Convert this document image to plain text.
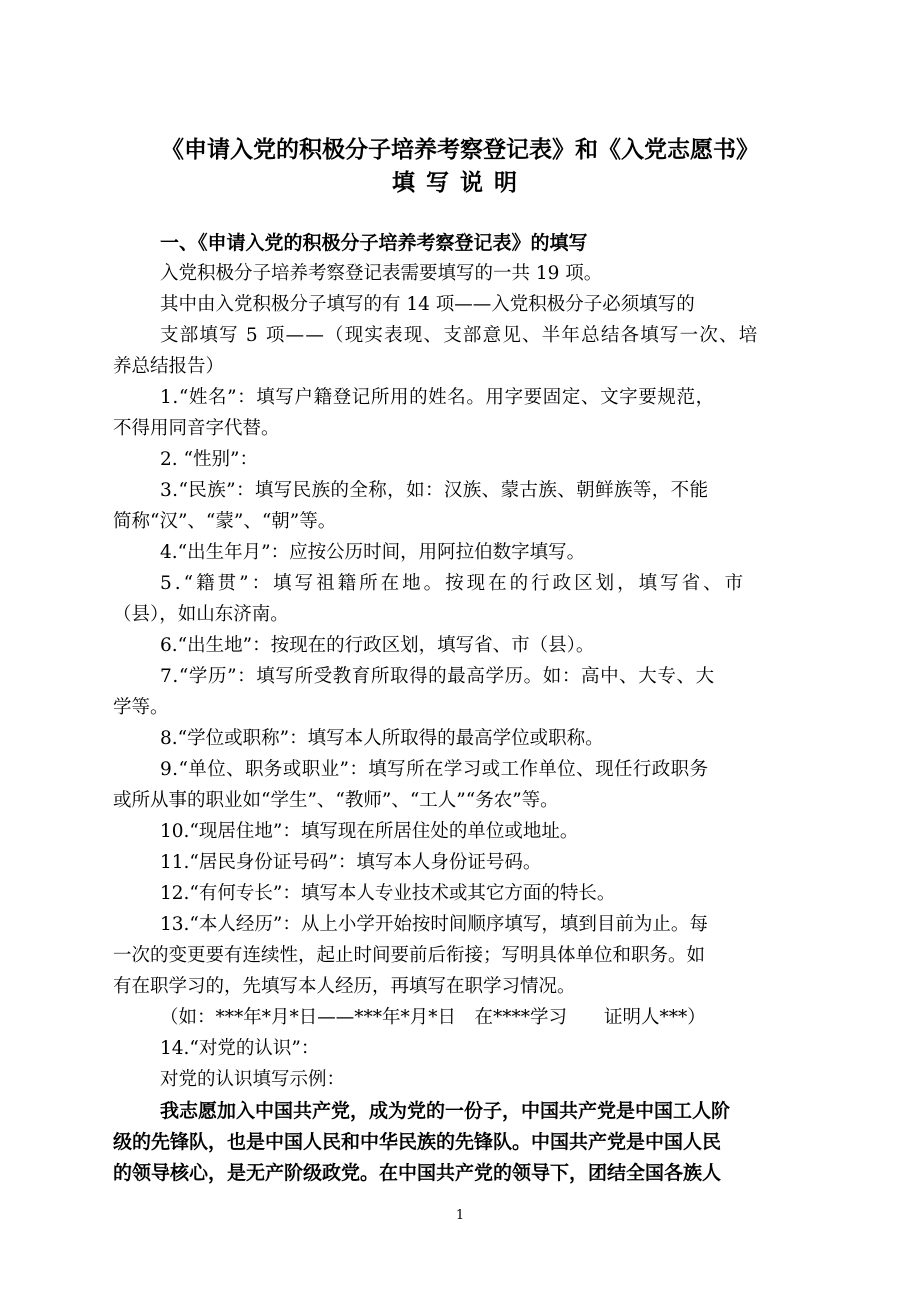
《申请入党的积极分子培养考察登记表》和《入党志愿书》
填写说明
一、《申请入党的积极分子培养考察登记表》的填写
入党积极分子培养考察登记表需要填写的一共 19 项。
其中由入党积极分子填写的有 14 项——入党积极分子必须填写的
支部填写 5 项——（现实表现、支部意见、半年总结各填写一次、培
养总结报告）
1.“姓名”：填写户籍登记所用的姓名。用字要固定、文字要规范，
不得用同音字代替。
2. “性别”：
3.“民族”：填写民族的全称，如：汉族、蒙古族、朝鲜族等，不能
简称“汉”、“蒙”、“朝”等。
4.“出生年月”：应按公历时间，用阿拉伯数字填写。
5.“籍贯”：填写祖籍所在地。按现在的行政区划，填写省、市
（县），如山东济南。
6.“出生地”：按现在的行政区划，填写省、市（县）。
7.“学历”：填写所受教育所取得的最高学历。如：高中、大专、大
学等。
8.“学位或职称”：填写本人所取得的最高学位或职称。
9.“单位、职务或职业”：填写所在学习或工作单位、现任行政职务
或所从事的职业如“学生”、“教师”、“工人”“务农”等。
10.“现居住地”：填写现在所居住处的单位或地址。
11.“居民身份证号码”：填写本人身份证号码。
12.“有何专长”：填写本人专业技术或其它方面的特长。
13.“本人经历”：从上小学开始按时间顺序填写，填到目前为止。每
一次的变更要有连续性，起止时间要前后衔接；写明具体单位和职务。如
有在职学习的，先填写本人经历，再填写在职学习情况。
（如：***年*月*日——***年*月*日　在****学习　　证明人***）
14.“对党的认识”：
对党的认识填写示例：
我志愿加入中国共产党，成为党的一份子，中国共产党是中国工人阶
级的先锋队，也是中国人民和中华民族的先锋队。中国共产党是中国人民
的领导核心，是无产阶级政党。在中国共产党的领导下，团结全国各族人
1
